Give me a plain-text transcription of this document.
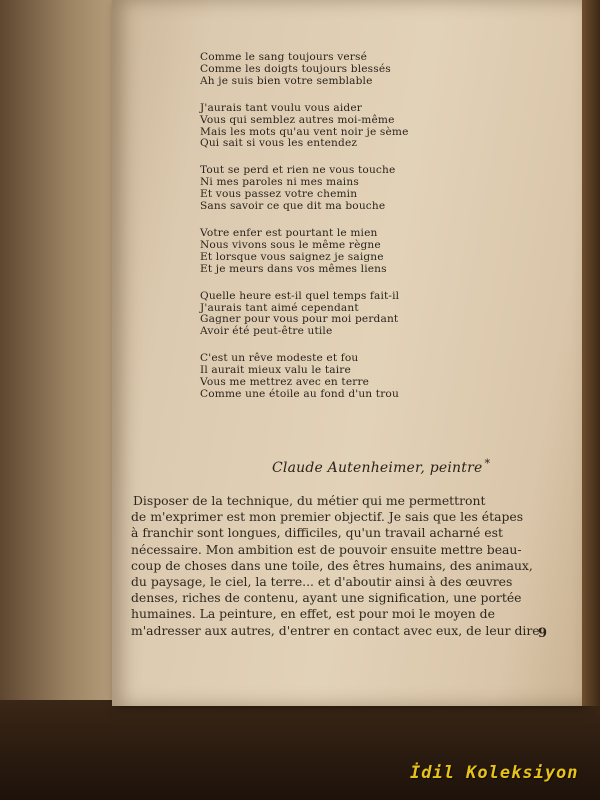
Comme le sang toujours versé
Comme les doigts toujours blessés
Ah je suis bien votre semblable
J'aurais tant voulu vous aider
Vous qui semblez autres moi-même
Mais les mots qu'au vent noir je sème
Qui sait si vous les entendez
Tout se perd et rien ne vous touche
Ni mes paroles ni mes mains
Et vous passez votre chemin
Sans savoir ce que dit ma bouche
Votre enfer est pourtant le mien
Nous vivons sous le même règne
Et lorsque vous saignez je saigne
Et je meurs dans vos mêmes liens
Quelle heure est-il quel temps fait-il
J'aurais tant aimé cependant
Gagner pour vous pour moi perdant
Avoir été peut-être utile
C'est un rêve modeste et fou
Il aurait mieux valu le taire
Vous me mettrez avec en terre
Comme une étoile au fond d'un trou
Claude Autenheimer, peintre *
Disposer de la technique, du métier qui me permettront
de m'exprimer est mon premier objectif. Je sais que les étapes
à franchir sont longues, difficiles, qu'un travail acharné est
nécessaire. Mon ambition est de pouvoir ensuite mettre beau-
coup de choses dans une toile, des êtres humains, des animaux,
du paysage, le ciel, la terre... et d'aboutir ainsi à des œuvres
denses, riches de contenu, ayant une signification, une portée
humaines. La peinture, en effet, est pour moi le moyen de
m'adresser aux autres, d'entrer en contact avec eux, de leur dire
9
İdil Koleksiyon
